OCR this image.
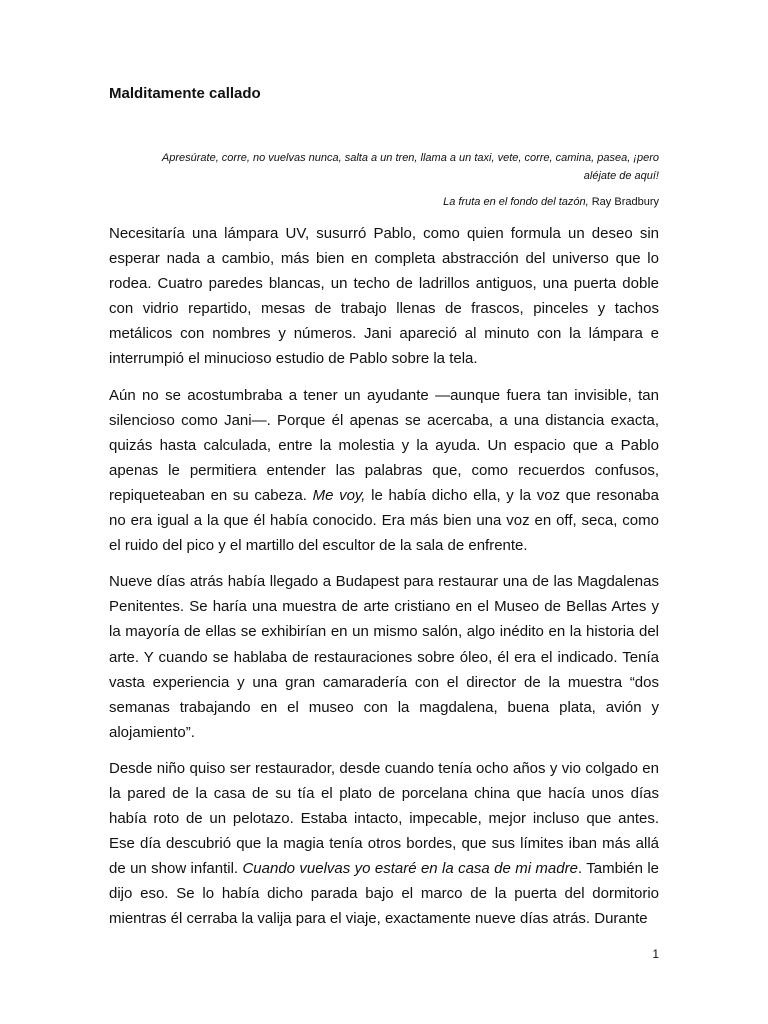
Malditamente callado
Apresúrate, corre, no vuelvas nunca, salta a un tren, llama a un taxi, vete, corre, camina, pasea, ¡pero aléjate de aquí!
La fruta en el fondo del tazón, Ray Bradbury

Necesitaría una lámpara UV, susurró Pablo, como quien formula un deseo sin esperar nada a cambio, más bien en completa abstracción del universo que lo rodea. Cuatro paredes blancas, un techo de ladrillos antiguos, una puerta doble con vidrio repartido, mesas de trabajo llenas de frascos, pinceles y tachos metálicos con nombres y números. Jani apareció al minuto con la lámpara e interrumpió el minucioso estudio de Pablo sobre la tela.

Aún no se acostumbraba a tener un ayudante —aunque fuera tan invisible, tan silencioso como Jani—. Porque él apenas se acercaba, a una distancia exacta, quizás hasta calculada, entre la molestia y la ayuda. Un espacio que a Pablo apenas le permitiera entender las palabras que, como recuerdos confusos, repiqueteaban en su cabeza. Me voy, le había dicho ella, y la voz que resonaba no era igual a la que él había conocido. Era más bien una voz en off, seca, como el ruido del pico y el martillo del escultor de la sala de enfrente.

Nueve días atrás había llegado a Budapest para restaurar una de las Magdalenas Penitentes. Se haría una muestra de arte cristiano en el Museo de Bellas Artes y la mayoría de ellas se exhibirían en un mismo salón, algo inédito en la historia del arte. Y cuando se hablaba de restauraciones sobre óleo, él era el indicado. Tenía vasta experiencia y una gran camaradería con el director de la muestra “dos semanas trabajando en el museo con la magdalena, buena plata, avión y alojamiento”.

Desde niño quiso ser restaurador, desde cuando tenía ocho años y vio colgado en la pared de la casa de su tía el plato de porcelana china que hacía unos días había roto de un pelotazo. Estaba intacto, impecable, mejor incluso que antes. Ese día descubrió que la magia tenía otros bordes, que sus límites iban más allá de un show infantil. Cuando vuelvas yo estaré en la casa de mi madre. También le dijo eso. Se lo había dicho parada bajo el marco de la puerta del dormitorio mientras él cerraba la valija para el viaje, exactamente nueve días atrás. Durante

1
